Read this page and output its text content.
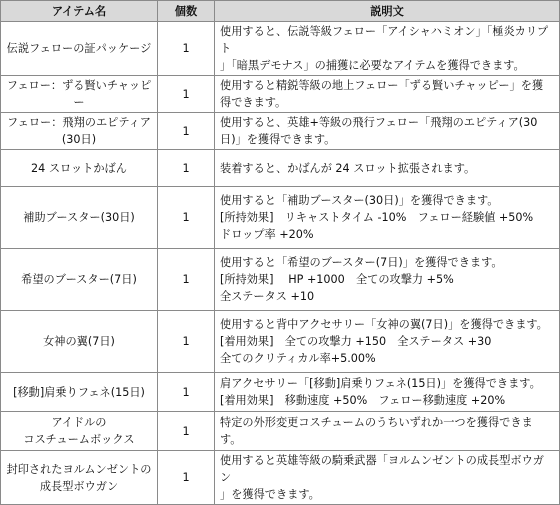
アイテム名	個数	説明文
伝説フェローの証パッケージ	1	使用すると、伝説等級フェロー「アイシャハミオン」「極炎カリプト
」「暗黒デモナス」の捕獲に必要なアイテムを獲得できます。
フェロー：ずる賢いチャッピー	1	使用すると精鋭等級の地上フェロー「ずる賢いチャッピー」を獲
得できます。
フェロー：飛翔のエピティア
(30日)	1	使用すると、英雄+等級の飛行フェロー「飛翔のエピティア(30
日)」を獲得できます。
24 スロットかばん	1	装着すると、かばんが 24 スロット拡張されます。
補助ブースター(30日)	1	使用すると「補助ブースター(30日)」を獲得できます。
[所持効果]　リキャストタイム -10%　フェロー経験値 +50%
ドロップ率 +20%
希望のブースター(7日)	1	使用すると「希望のブースター(7日)」を獲得できます。
[所持効果]　 HP +1000　全ての攻撃力 +5%
全ステータス +10
女神の翼(7日)	1	使用すると背中アクセサリー「女神の翼(7日)」を獲得できます。
[着用効果]　全ての攻撃力 +150　全ステータス +30
全てのクリティカル率+5.00%
[移動]肩乗りフェネ(15日)	1	肩アクセサリー「[移動]肩乗りフェネ(15日)」を獲得できます。
[着用効果]　移動速度 +50%　フェロー移動速度 +20%
アイドルの
コスチュームボックス	1	特定の外形変更コスチュームのうちいずれか一つを獲得できま
す。
封印されたヨルムンゼントの
成長型ボウガン	1	使用すると英雄等級の騎乗武器「ヨルムンゼントの成長型ボウガン
」を獲得できます。
